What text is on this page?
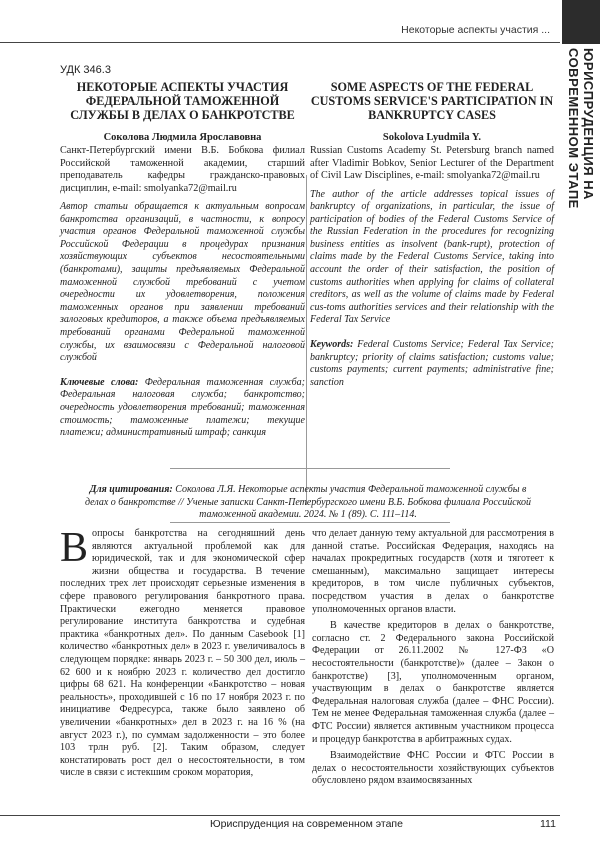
Некоторые аспекты участия ...
ЮРИСПРУДЕНЦИЯ НА СОВРЕМЕННОМ ЭТАПЕ
УДК 346.3
НЕКОТОРЫЕ АСПЕКТЫ УЧАСТИЯ ФЕДЕРАЛЬНОЙ ТАМОЖЕННОЙ СЛУЖБЫ В ДЕЛАХ О БАНКРОТСТВЕ
Соколова Людмила Ярославовна
Санкт-Петербургский имени В.Б. Бобкова филиал Российской таможенной академии, старший преподаватель кафедры гражданско-правовых дисциплин, e-mail: smolyanka72@mail.ru
Автор статьи обращается к актуальным вопросам банкротства организаций, в частности, к вопросу участия органов Федеральной таможенной службы Российской Федерации в процедурах признания хозяйствующих субъектов несостоятельными (банкротами), защиты предъявляемых Федеральной таможенной службой требований с учетом очередности их удовлетворения, положения таможенных органов при заявлении требований залоговых кредиторов, а также объема предъявляемых требований органами Федеральной таможенной службы, их взаимосвязи с Федеральной налоговой службой
Ключевые слова: Федеральная таможенная служба; Федеральная налоговая служба; банкротство; очередность удовлетворения требований; таможенная стоимость; таможенные платежи; текущие платежи; административный штраф; санкция
SOME ASPECTS OF THE FEDERAL CUSTOMS SERVICE'S PARTICIPATION IN BANKRUPTCY CASES
Sokolova Lyudmila Y.
Russian Customs Academy St. Petersburg branch named after Vladimir Bobkov, Senior Lecturer of the Department of Civil Law Disciplines, e-mail: smolyanka72@mail.ru
The author of the article addresses topical issues of bankruptcy of organizations, in particular, the issue of participation of bodies of the Federal Customs Service of the Russian Federation in the procedures for recognizing business entities as insolvent (bank-rupt), protection of claims made by the Federal Customs Service, taking into account the order of their satisfaction, the position of customs authorities when applying for claims of collateral creditors, as well as the volume of claims made by Federal cus-toms authorities services and their relationship with the Federal Tax Service
Keywords: Federal Customs Service; Federal Tax Service; bankruptcy; priority of claims satisfaction; customs value; customs payments; current payments; administrative fine; sanction
Для цитирования: Соколова Л.Я. Некоторые аспекты участия Федеральной таможенной службы в делах о банкротстве // Ученые записки Санкт-Петербургского имени В.Б. Бобкова филиала Российской таможенной академии. 2024. № 1 (89). С. 111–114.
Вопросы банкротства на сегодняшний день являются актуальной проблемой как для юридической, так и для экономической сфер жизни общества и государства. В течение последних трех лет происходят серьезные изменения в сфере правового регулирования банкротного права. Практически ежегодно меняется правовое регулирование института банкротства и судебная практика «банкротных дел». По данным Casebook [1] количество «банкротных дел» в 2023 г. увеличивалось в следующем порядке: январь 2023 г. – 50 300 дел, июль – 62 600 и к ноябрю 2023 г. количество дел достигло цифры 68 621. На конференции «Банкротство – новая реальность», проходившей с 16 по 17 ноября 2023 г. по инициативе Федресурса, также было заявлено об увеличении «банкротных» дел в 2023 г. на 16 % (на август 2023 г.), по суммам задолженности – это более 103 трлн руб. [2]. Таким образом, следует констатировать рост дел о несостоятельности, в том числе в связи с истекшим сроком моратория,

что делает данную тему актуальной для рассмотрения в данной статье. Российская Федерация, находясь на началах прокредитных государств (хотя и тяготеет к смешанным), максимально защищает интересы кредиторов, в том числе публичных субъектов, посредством участия в делах о банкротстве уполномоченных органов власти.

В качестве кредиторов в делах о банкротстве, согласно ст. 2 Федерального закона Российской Федерации от 26.11.2002 № 127-ФЗ «О несостоятельности (банкротстве)» (далее – Закон о банкротстве) [3], уполномоченным органом, участвующим в делах о банкротстве является Федеральная налоговая служба (далее – ФНС России). Тем не менее Федеральная таможенная служба (далее – ФТС России) является активным участником процесса и процедур банкротства в арбитражных судах.

Взаимодействие ФНС России и ФТС России в делах о несостоятельности хозяйствующих субъектов обусловлено рядом взаимосвязанных

Юриспруденция на современном этапе	111
